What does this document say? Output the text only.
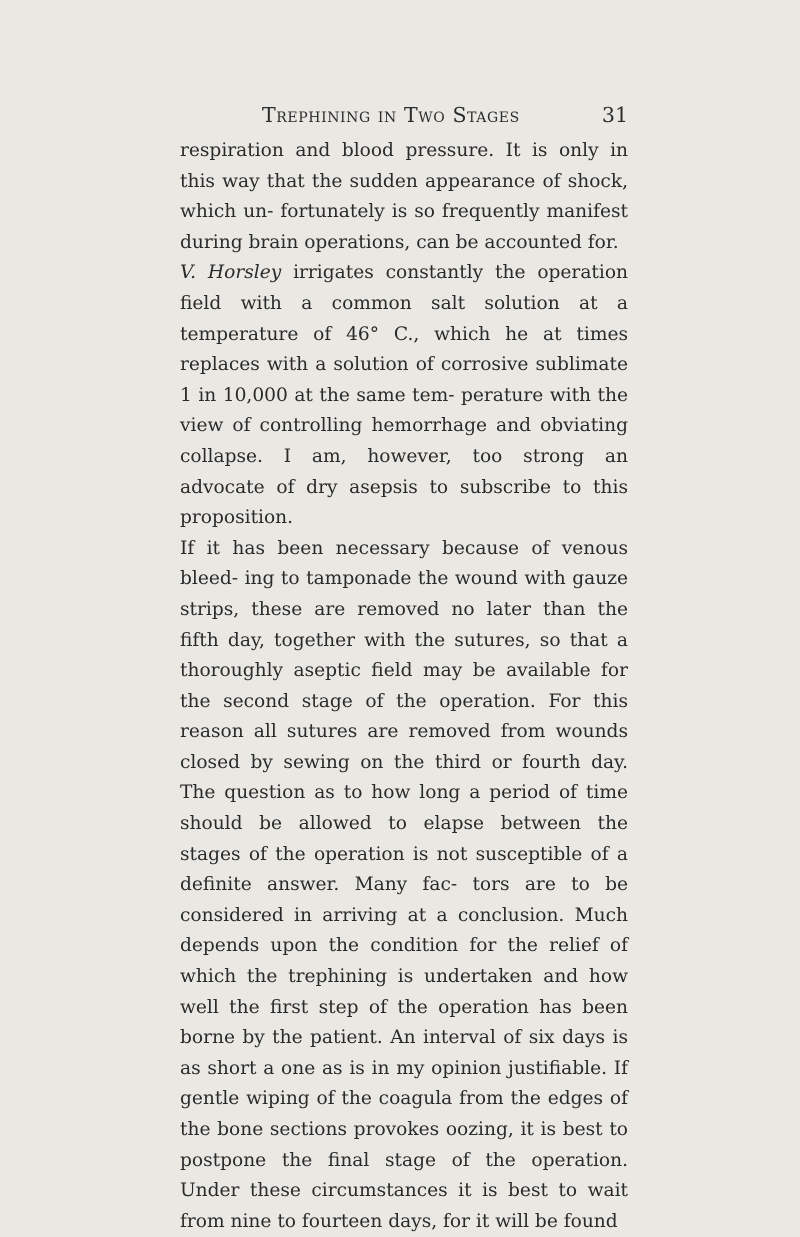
Trephining in Two Stages	31

respiration and blood pressure. It is only in this way that the sudden appearance of shock, which un- fortunately is so frequently manifest during brain operations, can be accounted for.

V. Horsley irrigates constantly the operation field with a common salt solution at a temperature of 46° C., which he at times replaces with a solution of corrosive sublimate 1 in 10,000 at the same tem- perature with the view of controlling hemorrhage and obviating collapse. I am, however, too strong an advocate of dry asepsis to subscribe to this proposition.

If it has been necessary because of venous bleed- ing to tamponade the wound with gauze strips, these are removed no later than the fifth day, together with the sutures, so that a thoroughly aseptic field may be available for the second stage of the operation. For this reason all sutures are removed from wounds closed by sewing on the third or fourth day. The question as to how long a period of time should be allowed to elapse between the stages of the operation is not susceptible of a definite answer. Many fac- tors are to be considered in arriving at a conclusion. Much depends upon the condition for the relief of which the trephining is undertaken and how well the first step of the operation has been borne by the patient. An interval of six days is as short a one as is in my opinion justifiable. If gentle wiping of the coagula from the edges of the bone sections provokes oozing, it is best to postpone the final stage of the operation. Under these circumstances it is best to wait from nine to fourteen days, for it will be found
